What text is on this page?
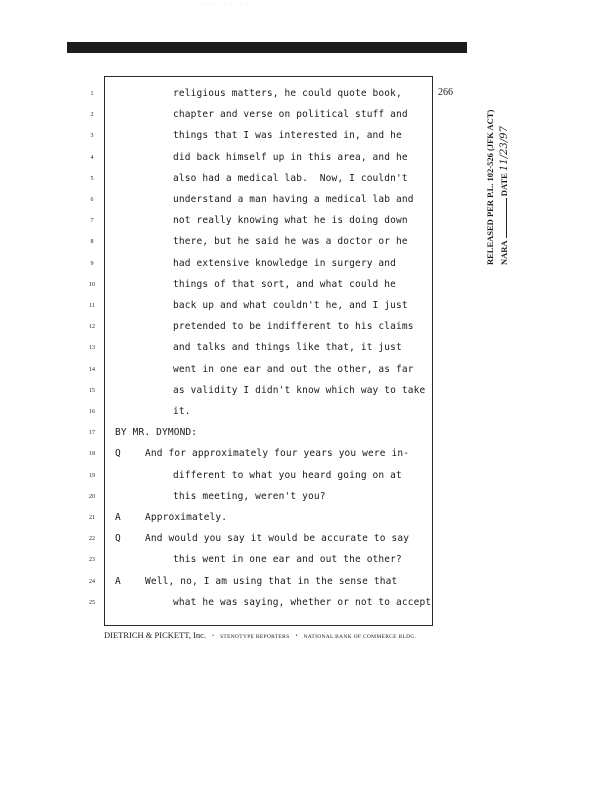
· · · · · · · · · · ·
266
1	religious matters, he could quote book,
2	chapter and verse on political stuff and
3	things that I was interested in, and he
4	did back himself up in this area, and he
5	also had a medical lab.  Now, I couldn't
6	understand a man having a medical lab and
7	not really knowing what he is doing down
8	there, but he said he was a doctor or he
9	had extensive knowledge in surgery and
10	things of that sort, and what could he
11	back up and what couldn't he, and I just
12	pretended to be indifferent to his claims
13	and talks and things like that, it just
14	went in one ear and out the other, as far
15	as validity I didn't know which way to take
16	it.
17	BY MR. DYMOND:
18	Q	And for approximately four years you were in-
19	different to what you heard going on at
20	this meeting, weren't you?
21	A	Approximately.
22	Q	And would you say it would be accurate to say
23	this went in one ear and out the other?
24	A	Well, no, I am using that in the sense that
25	what he was saying, whether or not to accept
RELEASED PER P.L. 102-526 (JFK ACT) NARA  DATE 11/23/97
DIETRICH & PICKETT, Inc. • STENOTYPE REPORTERS • NATIONAL BANK OF COMMERCE BLDG.
